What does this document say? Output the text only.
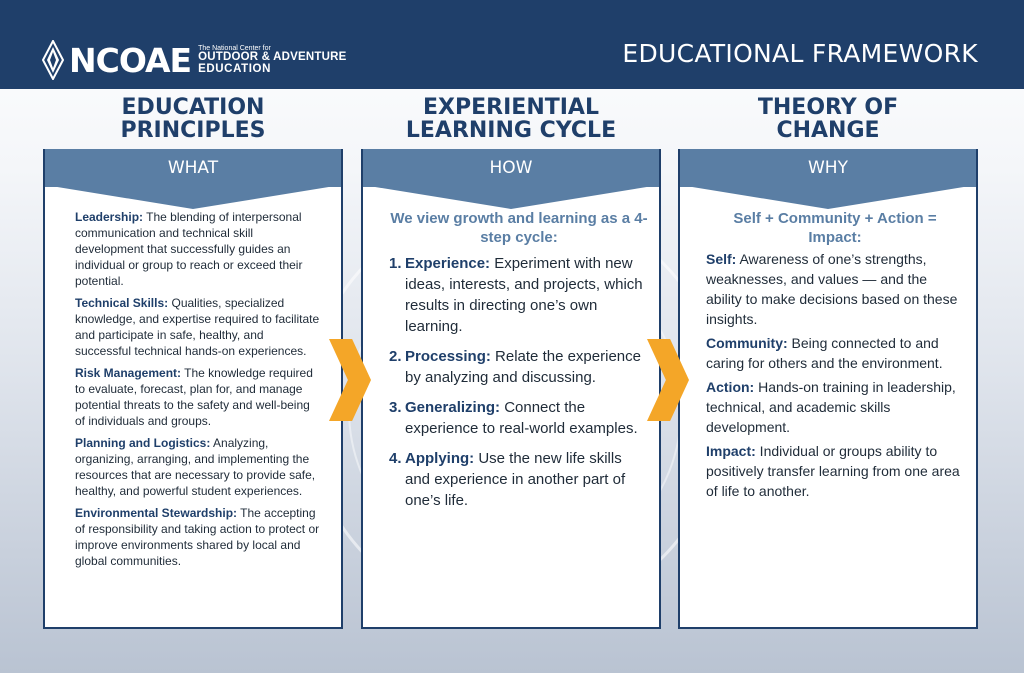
NCOAE The National Center for
OUTDOOR & ADVENTURE
EDUCATION
EDUCATIONAL FRAMEWORK
EDUCATION
PRINCIPLES
EXPERIENTIAL
LEARNING CYCLE
THEORY OF
CHANGE
WHAT

Leadership: The blending of interpersonal communication and technical skill development that successfully guides an individual or group to reach or exceed their potential.

Technical Skills: Qualities, specialized knowledge, and expertise required to facilitate and participate in safe, healthy, and successful technical hands-on experiences.

Risk Management: The knowledge required to evaluate, forecast, plan for, and manage potential threats to the safety and well-being of individuals and groups.

Planning and Logistics: Analyzing, organizing, arranging, and implementing the resources that are necessary to provide safe, healthy, and powerful student experiences.

Environmental Stewardship: The accepting of responsibility and taking action to protect or improve environments shared by local and global communities.

HOW
We view growth and learning as a 4-step cycle:
1. Experience: Experiment with new ideas, interests, and projects, which results in directing one’s own learning.
2. Processing: Relate the experience by analyzing and discussing.
3. Generalizing: Connect the experience to real-world examples.
4. Applying: Use the new life skills and experience in another part of one’s life.
WHY
Self + Community + Action = Impact:

Self: Awareness of one’s strengths, weaknesses, and values — and the ability to make decisions based on these insights.

Community: Being connected to and caring for others and the environment.

Action: Hands-on training in leadership, technical, and academic skills development.

Impact: Individual or groups ability to positively transfer learning from one area of life to another.
